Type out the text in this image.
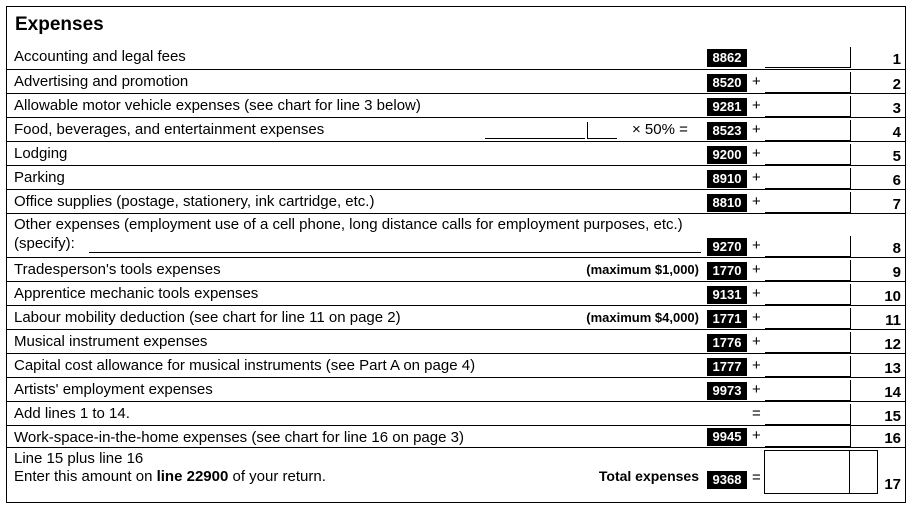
Expenses
Accounting and legal fees	8862	1
Advertising and promotion	8520 +	2
Allowable motor vehicle expenses (see chart for line 3 below)	9281 +	3
Food, beverages, and entertainment expenses	× 50% =	8523 +	4
Lodging	9200 +	5
Parking	8910 +	6
Office supplies (postage, stationery, ink cartridge, etc.)	8810 +	7
Other expenses (employment use of a cell phone, long distance calls for employment purposes, etc.)
(specify):	9270 +	8
Tradesperson's tools expenses	(maximum $1,000)	1770 +	9
Apprentice mechanic tools expenses	9131 +	10
Labour mobility deduction (see chart for line 11 on page 2)	(maximum $4,000)	1771 +	11
Musical instrument expenses	1776 +	12
Capital cost allowance for musical instruments (see Part A on page 4)	1777 +	13
Artists' employment expenses	9973 +	14
Add lines 1 to 14.	=	15
Work-space-in-the-home expenses (see chart for line 16 on page 3)	9945 +	16
Line 15 plus line 16
Enter this amount on line 22900 of your return.	Total expenses	9368 =	17
